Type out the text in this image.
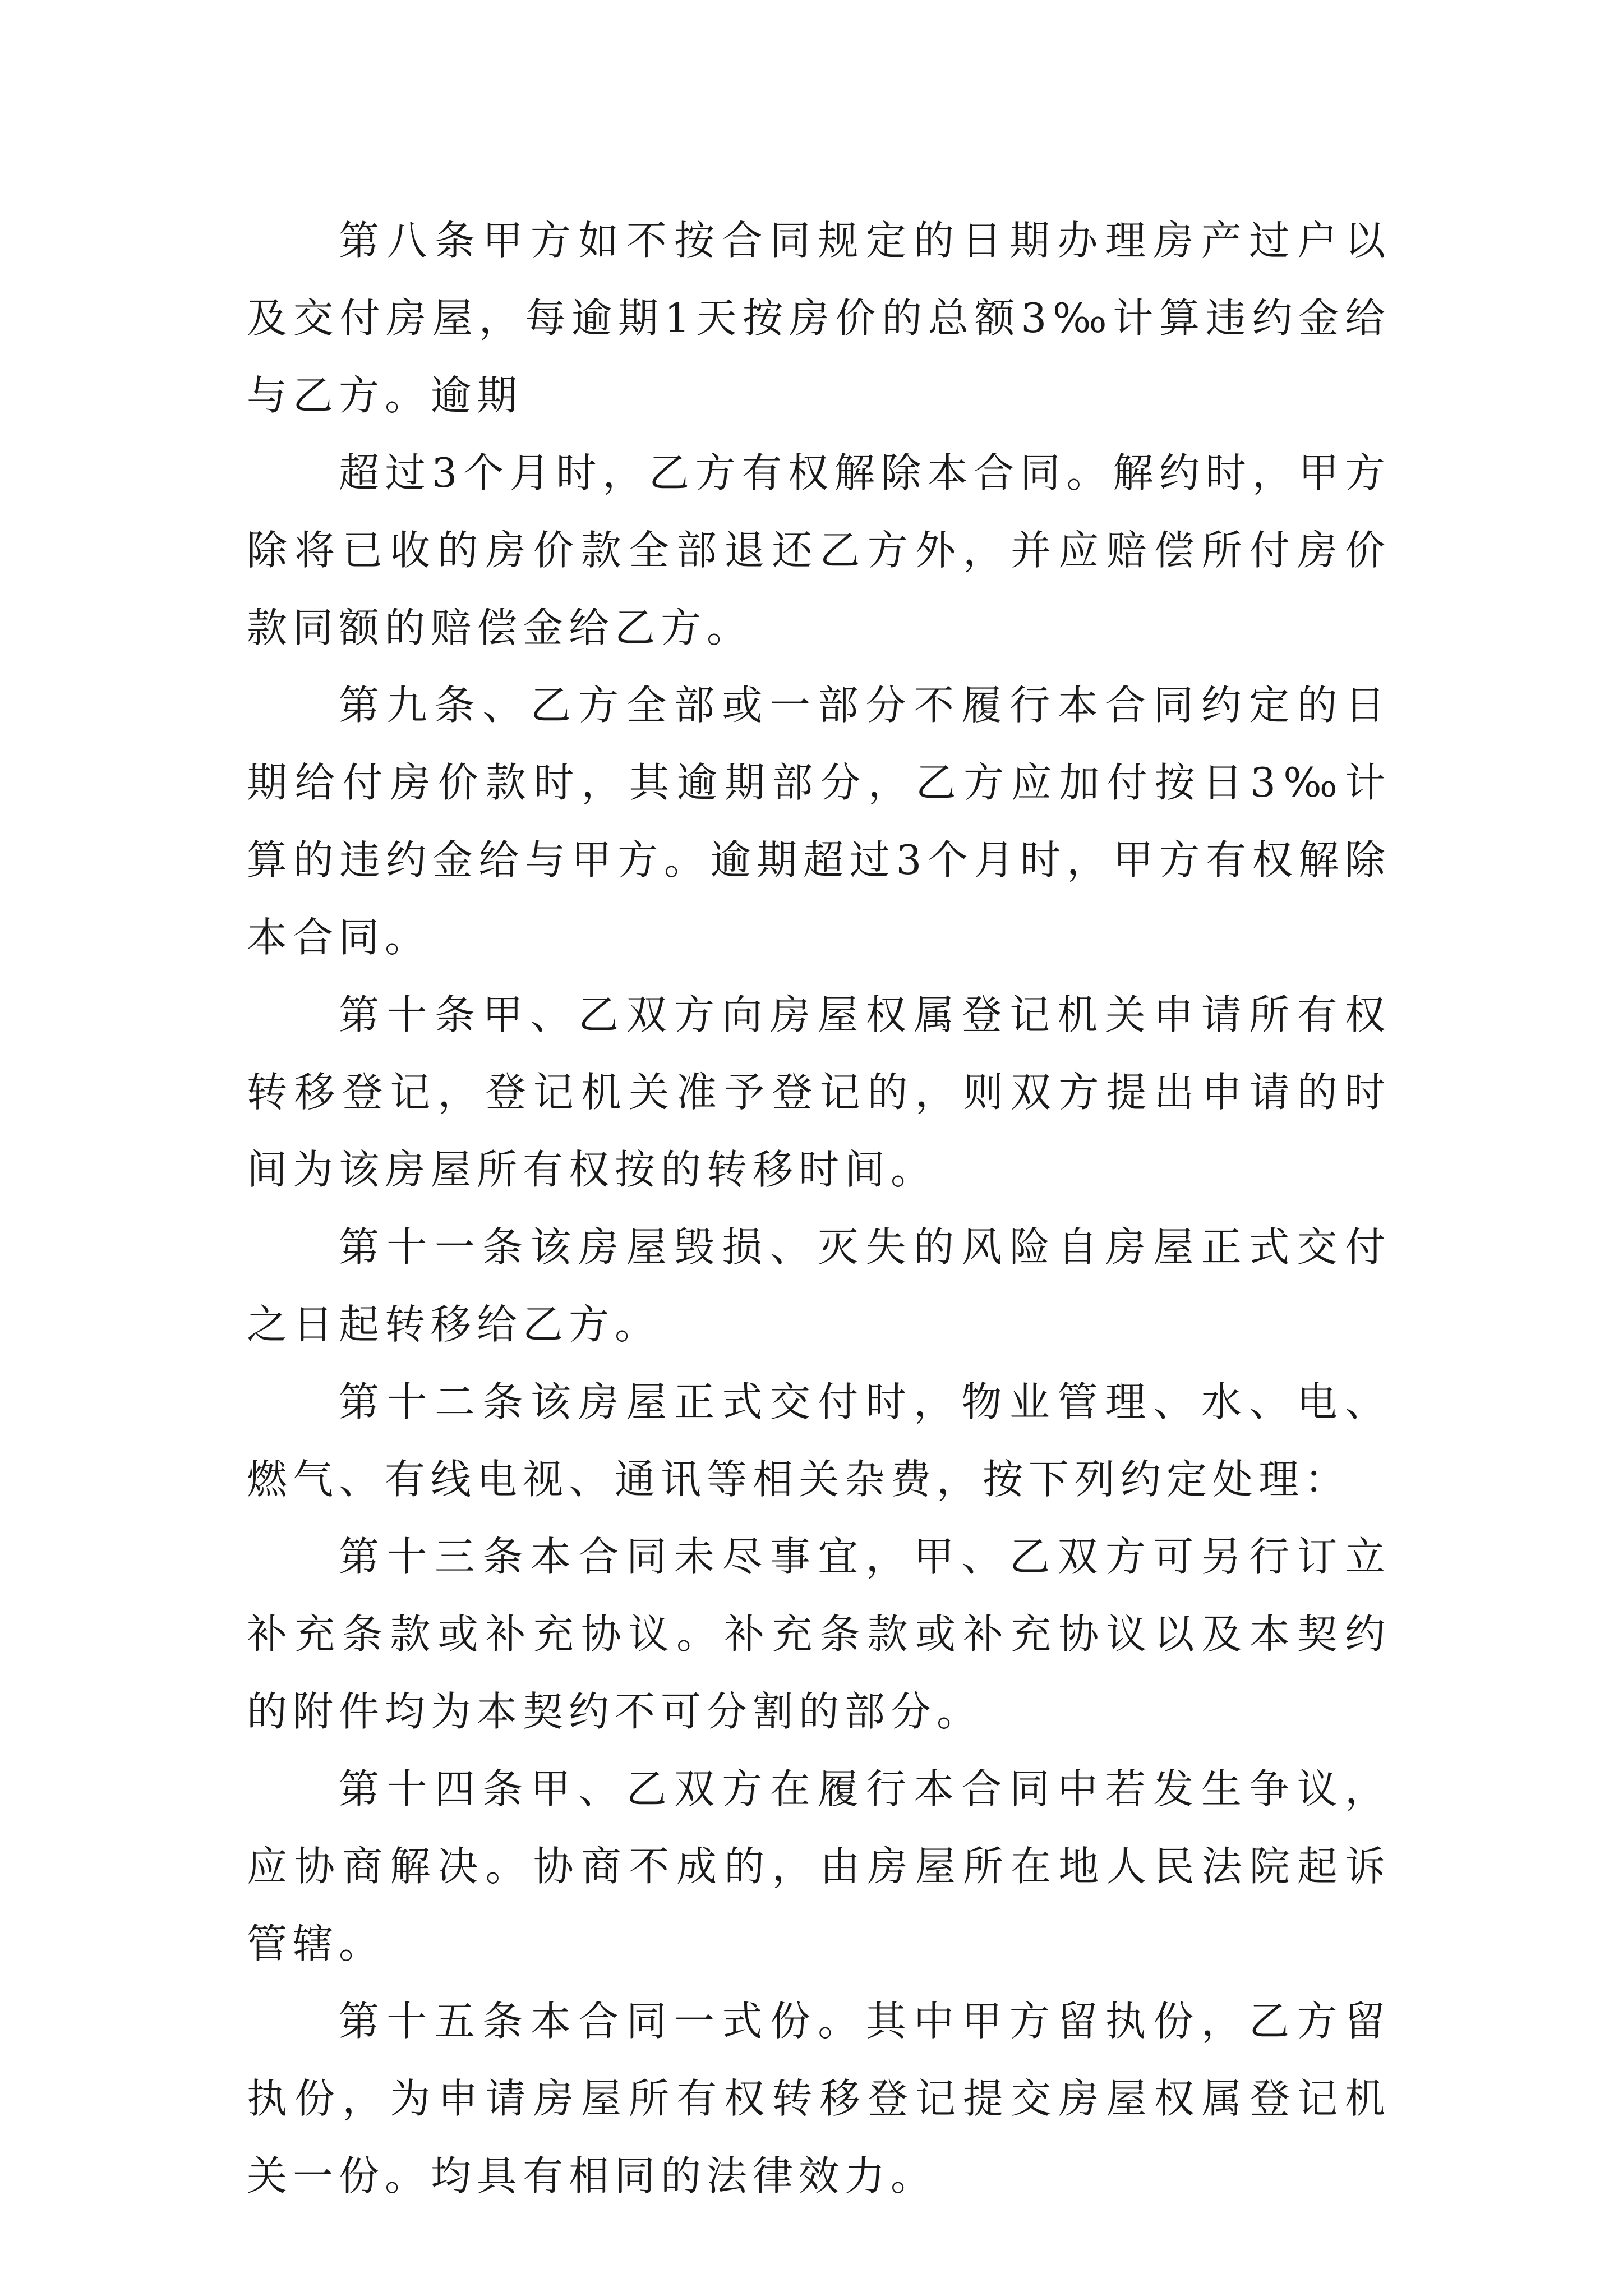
第八条甲方如不按合同规定的日期办理房产过户以及交付房屋，每逾期1天按房价的总额3‰计算违约金给与乙方。逾期

超过3个月时，乙方有权解除本合同。解约时，甲方除将已收的房价款全部退还乙方外，并应赔偿所付房价款同额的赔偿金给乙方。

第九条、乙方全部或一部分不履行本合同约定的日期给付房价款时，其逾期部分，乙方应加付按日3‰计算的违约金给与甲方。逾期超过3个月时，甲方有权解除本合同。

第十条甲、乙双方向房屋权属登记机关申请所有权转移登记，登记机关准予登记的，则双方提出申请的时间为该房屋所有权按的转移时间。

第十一条该房屋毁损、灭失的风险自房屋正式交付之日起转移给乙方。

第十二条该房屋正式交付时，物业管理、水、电、燃气、有线电视、通讯等相关杂费，按下列约定处理：

第十三条本合同未尽事宜，甲、乙双方可另行订立补充条款或补充协议。补充条款或补充协议以及本契约的附件均为本契约不可分割的部分。

第十四条甲、乙双方在履行本合同中若发生争议，应协商解决。协商不成的，由房屋所在地人民法院起诉管辖。

第十五条本合同一式份。其中甲方留执份，乙方留执份，为申请房屋所有权转移登记提交房屋权属登记机关一份。均具有相同的法律效力。
